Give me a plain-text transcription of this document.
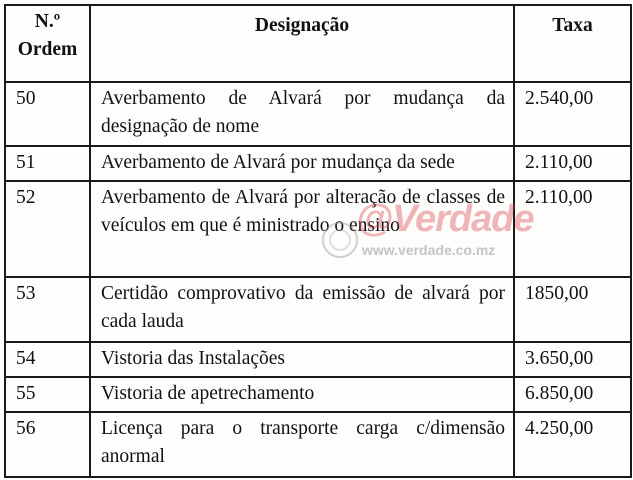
N.º Ordem	Designação	Taxa
50	Averbamento de Alvará por mudança da designação de nome	2.540,00
51	Averbamento de Alvará por mudança da sede	2.110,00
52	Averbamento de Alvará por alteração de classes de veículos em que é ministrado o ensino	2.110,00
53	Certidão comprovativo da emissão de alvará por cada lauda	1850,00
54	Vistoria das Instalações	3.650,00
55	Vistoria de apetrechamento	6.850,00
56	Licença para o transporte carga c/dimensão anormal	4.250,00
@Verdade
www.verdade.co.mz
